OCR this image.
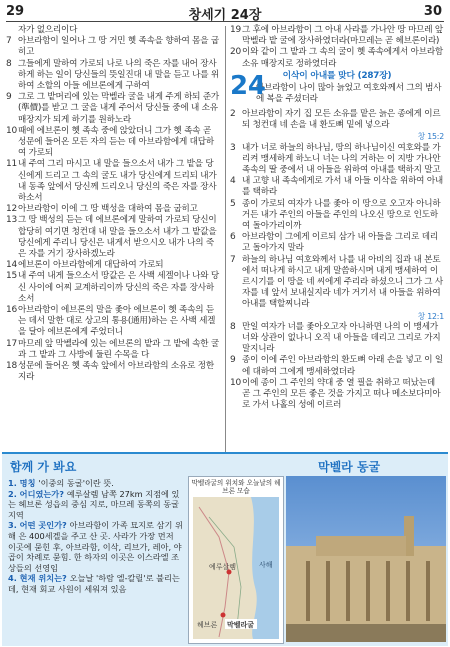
29	창세기 24장	30
자가 없으리이다
7 아브라함이 일어나 그 땅 거민 헷 족속을 향하여 몸을 굽히고
8 그들에게 말하여 가로되 나로 나의 죽은 자를 내어 장사하게 하는 일이 당신들의 뜻일진대 내 말을 듣고 나를 위하여 소할의 아들 에브론에게 구하여
9 그로 그 밭머리에 있는 막벨라 굴을 내게 주게 하되 준가(準價)를 받고 그 굴을 내게 주어서 당신들 중에 내 소유 매장지가 되게 하기를 원하노라
10 때에 에브론이 헷 족속 중에 앉았더니 그가 헷 족속 곧 성문에 들어온 모든 자의 듣는 데 아브라함에게 대답하여 가로되
11 내 주여 그리 마시고 내 말을 들으소서 내가 그 밭을 당신에게 드리고 그 속의 굴도 내가 당신에게 드리되 내가 내 동족 앞에서 당신께 드리오니 당신의 죽은 자를 장사하소서
12 아브라함이 이에 그 땅 백성을 대하여 몸을 굽히고
13 그 땅 백성의 듣는 데 에브론에게 말하여 가로되 당신이 합당히 여기면 청컨대 내 말을 들으소서 내가 그 밭값을 당신에게 주리니 당신은 내게서 받으시오 내가 나의 죽은 자를 거기 장사하겠노라
14 에브론이 아브라함에게 대답하여 가로되
15 내 주여 내게 들으소서 땅값은 은 사백 세겔이나 나와 당신 사이에 어찌 교계하리이까 당신의 죽은 자를 장사하소서
16 아브라함이 에브론의 말을 좇아 에브론이 헷 족속의 듣는 데서 말한 대로 상고의 통용(通用)하는 은 사백 세겔을 달아 에브론에게 주었더니
17 마므레 앞 막벨라에 있는 에브론의 밭과 그 밭에 속한 굴과 그 밭과 그 사방에 둘린 수목을 다
18 성문에 들어온 헷 족속 앞에서 아브라함의 소유로 정한지라
19 그 후에 아브라함이 그 아내 사라를 가나안 땅 마므레 앞 막벨라 밭 굴에 장사하였더라(마므레는 곧 헤브론이라)
20 이와 같이 그 밭과 그 속의 굴이 헷 족속에게서 아브라함 소유 매장지로 정하였더라
이삭이 아내를 맞다 (287장)
24
아브라함이 나이 많아 늙었고 여호와께서 그의 범사에 복을 주셨더라
2 아브라함이 자기 집 모든 소유를 맡은 늙은 종에게 이르되 청컨대 네 손을 내 환도뼈 밑에 넣으라
창 15:2
3 내가 너로 하늘의 하나님, 땅의 하나님이신 여호와를 가리켜 맹세하게 하노니 너는 나의 거하는 이 지방 가나안 족속의 딸 중에서 내 아들을 위하여 아내를 택하지 말고
4 내 고향 내 족속에게로 가서 내 아들 이삭을 위하여 아내를 택하라
5 종이 가로되 여자가 나를 좇아 이 땅으로 오고자 아니하거든 내가 주인의 아들을 주인의 나오신 땅으로 인도하여 돌아가리이까
6 아브라함이 그에게 이르되 삼가 내 아들을 그리로 데리고 돌아가지 말라
7 하늘의 하나님 여호와께서 나를 내 아비의 집과 내 본토에서 떠나게 하시고 내게 말씀하시며 내게 맹세하여 이르시기를 이 땅을 네 씨에게 주리라 하셨으니 그가 그 사자를 네 앞서 보내실지라 네가 거기서 내 아들을 위하여 아내를 택할찌니라
창 12:1
8 만일 여자가 너를 좇아오고자 아니하면 나의 이 맹세가 너와 상관이 없나니 오직 내 아들을 데리고 그리로 가지 말지니라
9 종이 이에 주인 아브라함의 환도뼈 아래 손을 넣고 이 일에 대하여 그에게 맹세하였더라
10 이에 종이 그 주인의 약대 중 열 필을 취하고 떠났는데 곧 그 주인의 모든 좋은 것을 가지고 떠나 메소보다미아로 가서 나홀의 성에 이르러
함께 가 봐요	막벨라 동굴
1. 명칭 '이중의 동굴'이란 뜻.
2. 어디였는가? 예루살렘 남쪽 27km 지점에 있는 헤브론 성읍의 중심 지로, 마므레 동쪽의 동굴 지역
3. 어떤 곳인가? 아브라함이 가족 묘지로 삼기 위해 은 400세겔을 주고 산 곳. 사라가 가장 먼저 이곳에 묻힌 후, 아브라함, 이삭, 리브가, 레아, 야곱이 차례로 묻힘. 한 하자의 이곳은 이스라엘 조상들의 선영임
4. 현재 위치는? 오늘날 '하람 엘-칼릴'로 불리는데, 현재 회교 사원이 세워져 있음
막벨라굴의 위치와 오늘날의 헤브론 모습
예루살렘
헤브론 막벨라굴
사해
